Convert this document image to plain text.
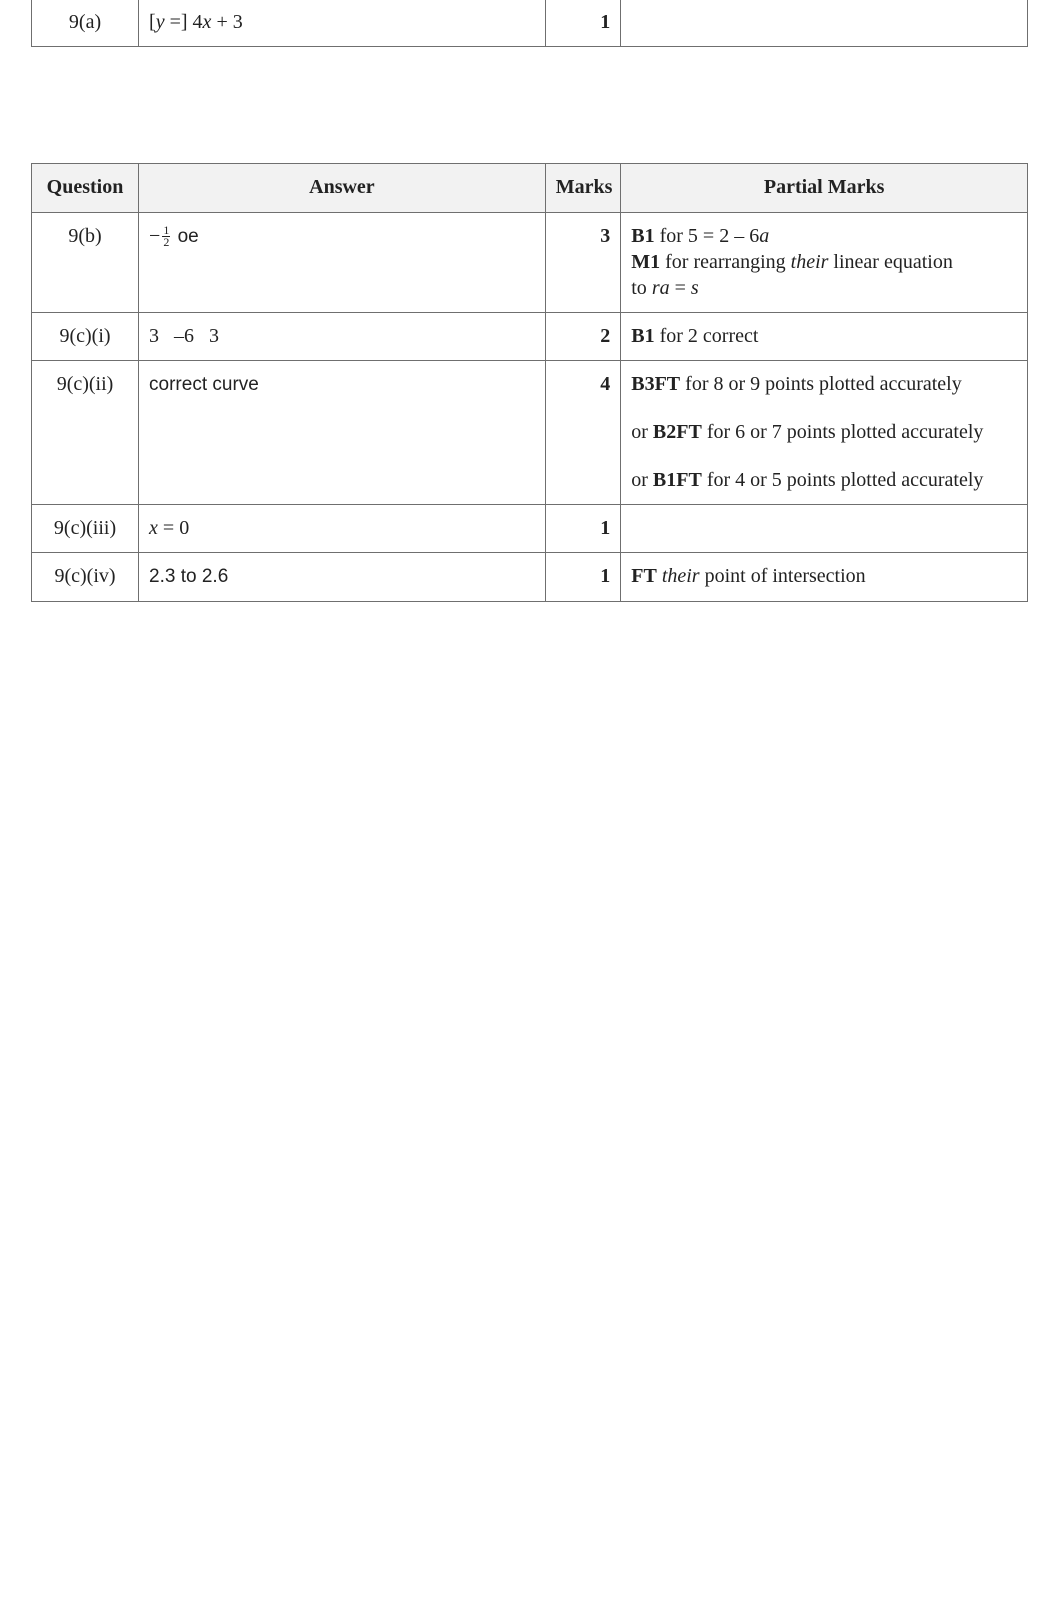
9(a)	[y =] 4x + 3	1	
Question	Answer	Marks	Partial Marks
9(b)	− $\frac{1}{2}$ oe	3	B1 for 5 = 2 – 6a
M1 for rearranging their linear equation
to ra = s

9(c)(i)	3   –6   3	2	B1 for 2 correct
9(c)(ii)	correct curve	4	B3FT for 8 or 9 points plotted accurately
or B2FT for 6 or 7 points plotted accurately
or B1FT for 4 or 5 points plotted accurately

9(c)(iii)	x = 0	1	
9(c)(iv)	2.3 to 2.6	1	FT their point of intersection
